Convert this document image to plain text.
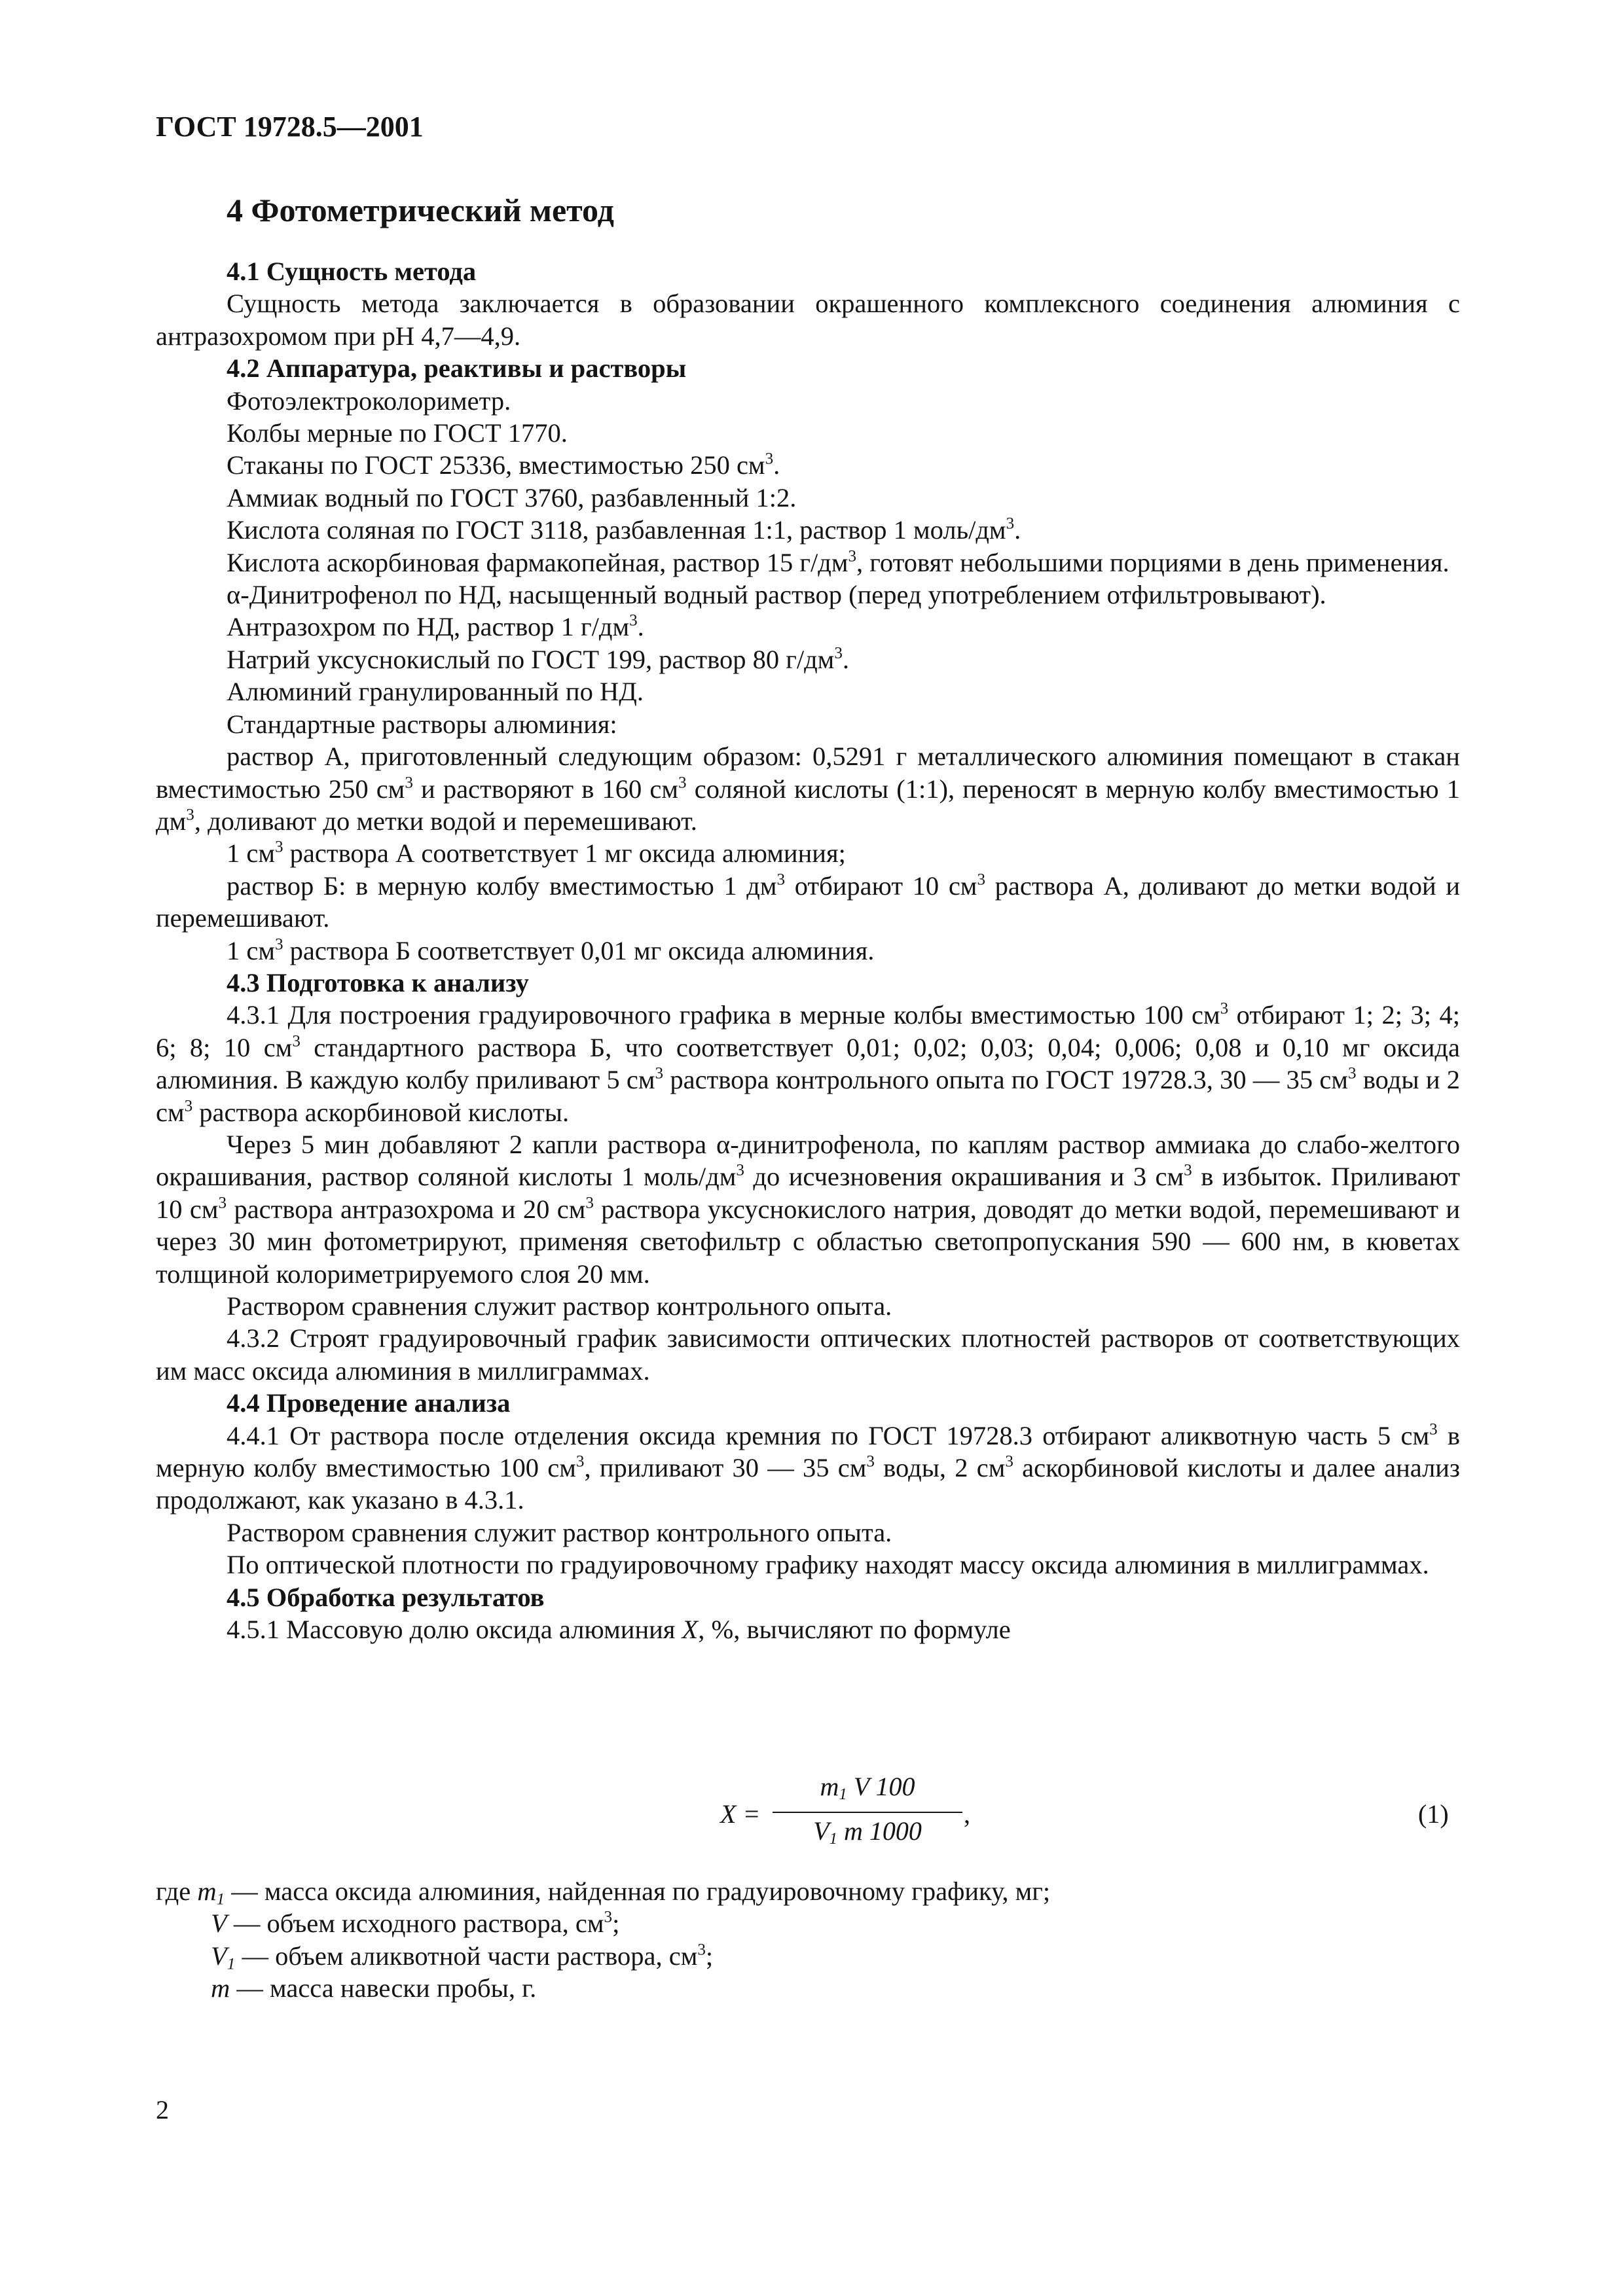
ГОСТ 19728.5—2001
4 Фотометрический метод

4.1 Сущность метода

Сущность метода заключается в образовании окрашенного комплексного соединения алюминия с антразохромом при рН 4,7—4,9.

4.2 Аппаратура, реактивы и растворы

Фотоэлектроколориметр.

Колбы мерные по ГОСТ 1770.

Стаканы по ГОСТ 25336, вместимостью 250 $см^3$.

Аммиак водный по ГОСТ 3760, разбавленный 1:2.

Кислота соляная по ГОСТ 3118, разбавленная 1:1, раствор 1 моль/$дм^3$.

Кислота аскорбиновая фармакопейная, раствор 15 $г/дм^3$, готовят небольшими порциями в день применения.

α-Динитрофенол по НД, насыщенный водный раствор (перед употреблением отфильтровывают).

Антразохром по НД, раствор 1 $г/дм^3$.

Натрий уксуснокислый по ГОСТ 199, раствор 80 $г/дм^3$.

Алюминий гранулированный по НД.

Стандартные растворы алюминия:

раствор А, приготовленный следующим образом: 0,5291 г металлического алюминия помещают в стакан вместимостью 250 $см^3$ и растворяют в 160 $см^3$ соляной кислоты (1:1), переносят в мерную колбу вместимостью 1 $дм^3$, доливают до метки водой и перемешивают.

1 $см^3$ раствора А соответствует 1 мг оксида алюминия;

раствор Б: в мерную колбу вместимостью 1 $дм^3$ отбирают 10 $см^3$ раствора А, доливают до метки водой и перемешивают.

1 $см^3$ раствора Б соответствует 0,01 мг оксида алюминия.

4.3 Подготовка к анализу

4.3.1 Для построения градуировочного графика в мерные колбы вместимостью 100 $см^3$ отбирают 1; 2; 3; 4; 6; 8; 10 $см^3$ стандартного раствора Б, что соответствует 0,01; 0,02; 0,03; 0,04; 0,006; 0,08 и 0,10 мг оксида алюминия. В каждую колбу приливают 5 $см^3$ раствора контрольного опыта по ГОСТ 19728.3, 30 — 35 $см^3$ воды и 2 $см^3$ раствора аскорбиновой кислоты.

Через 5 мин добавляют 2 капли раствора α-динитрофенола, по каплям раствор аммиака до слабо-желтого окрашивания, раствор соляной кислоты 1 моль/$дм^3$ до исчезновения окрашивания и 3 $см^3$ в избыток. Приливают 10 $см^3$ раствора антразохрома и 20 $см^3$ раствора уксуснокислого натрия, доводят до метки водой, перемешивают и через 30 мин фотометрируют, применяя светофильтр с областью светопропускания 590 — 600 нм, в кюветах толщиной колориметрируемого слоя 20 мм.

Раствором сравнения служит раствор контрольного опыта.

4.3.2 Строят градуировочный график зависимости оптических плотностей растворов от соответствующих им масс оксида алюминия в миллиграммах.

4.4 Проведение анализа

4.4.1 От раствора после отделения оксида кремния по ГОСТ 19728.3 отбирают аликвотную часть 5 $см^3$ в мерную колбу вместимостью 100 $см^3$, приливают 30 — 35 $см^3$ воды, 2 $см^3$ аскорбиновой кислоты и далее анализ продолжают, как указано в 4.3.1.

Раствором сравнения служит раствор контрольного опыта.

По оптической плотности по градуировочному графику находят массу оксида алюминия в миллиграммах.

4.5 Обработка результатов

4.5.1 Массовую долю оксида алюминия X, %, вычисляют по формуле

X =
$m_1$ V 100
$V_1$ m 1000
,	(1)
где $m_1$ — масса оксида алюминия, найденная по градуировочному графику, мг;
V — объем исходного раствора, $см^3$;
$V_1$ — объем аликвотной части раствора, $см^3$;
m — масса навески пробы, г.
2
